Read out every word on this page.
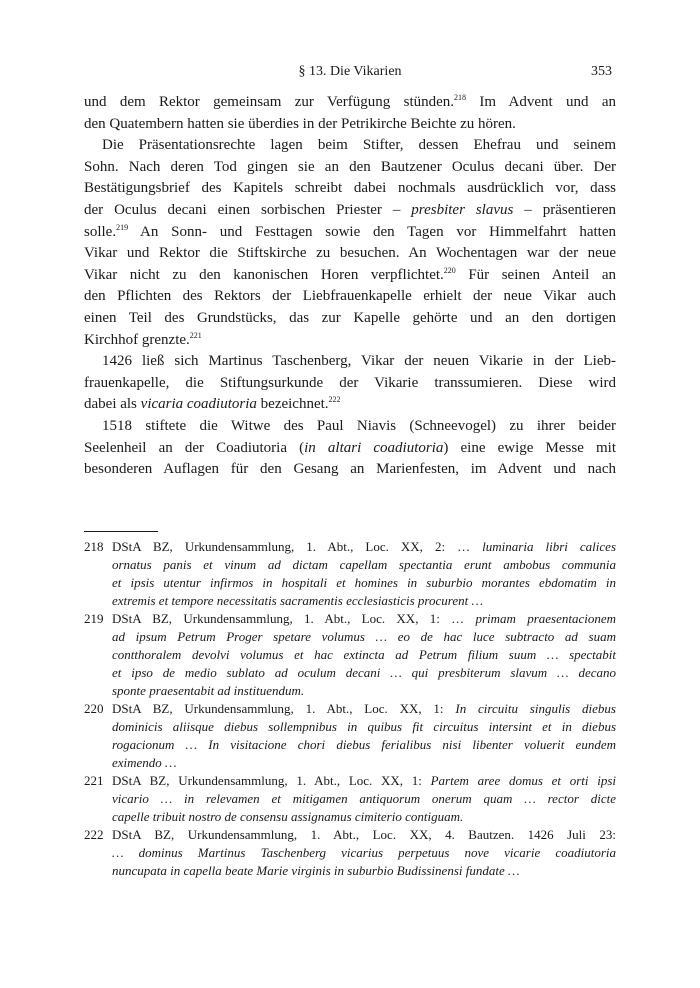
§ 13. Die Vikarien	353
und dem Rektor gemeinsam zur Verfügung stünden.$^{218}$ Im Advent und an
den Quatembern hatten sie überdies in der Petrikirche Beichte zu hören.
Die Präsentationsrechte lagen beim Stifter, dessen Ehefrau und seinem
Sohn. Nach deren Tod gingen sie an den Bautzener Oculus decani über. Der
Bestätigungsbrief des Kapitels schreibt dabei nochmals ausdrücklich vor, dass
der Oculus decani einen sorbischen Priester – presbiter slavus – präsentieren
solle.$^{219}$ An Sonn- und Festtagen sowie den Tagen vor Himmelfahrt hatten
Vikar und Rektor die Stiftskirche zu besuchen. An Wochentagen war der neue
Vikar nicht zu den kanonischen Horen verpflichtet.$^{220}$ Für seinen Anteil an
den Pflichten des Rektors der Liebfrauenkapelle erhielt der neue Vikar auch
einen Teil des Grundstücks, das zur Kapelle gehörte und an den dortigen
Kirchhof grenzte.$^{221}$
1426 ließ sich Martinus Taschenberg, Vikar der neuen Vikarie in der Lieb-
frauenkapelle, die Stiftungsurkunde der Vikarie transsumieren. Diese wird
dabei als vicaria coadiutoria bezeichnet.$^{222}$
1518 stiftete die Witwe des Paul Niavis (Schneevogel) zu ihrer beider
Seelenheil an der Coadiutoria (in altari coadiutoria) eine ewige Messe mit
besonderen Auflagen für den Gesang an Marienfesten, im Advent und nach
218 DStA BZ, Urkundensammlung, 1. Abt., Loc. XX, 2: … luminaria libri calices
ornatus panis et vinum ad dictam capellam spectantia erunt ambobus communia
et ipsis utentur infirmos in hospitali et homines in suburbio morantes ebdomatim in
extremis et tempore necessitatis sacramentis ecclesiasticis procurent …
219 DStA BZ, Urkundensammlung, 1. Abt., Loc. XX, 1: … primam praesentacionem
ad ipsum Petrum Proger spetare volumus … eo de hac luce subtracto ad suam
contthoralem devolvi volumus et hac extincta ad Petrum filium suum … spectabit
et ipso de medio sublato ad oculum decani … qui presbiterum slavum … decano
sponte praesentabit ad instituendum.
220 DStA BZ, Urkundensammlung, 1. Abt., Loc. XX, 1: In circuitu singulis diebus
dominicis aliisque diebus sollempnibus in quibus fit circuitus intersint et in diebus
rogacionum … In visitacione chori diebus ferialibus nisi libenter voluerit eundem
eximendo …
221 DStA BZ, Urkundensammlung, 1. Abt., Loc. XX, 1: Partem aree domus et orti ipsi
vicario … in relevamen et mitigamen antiquorum onerum quam … rector dicte
capelle tribuit nostro de consensu assignamus cimiterio contiguam.
222 DStA BZ, Urkundensammlung, 1. Abt., Loc. XX, 4. Bautzen. 1426 Juli 23:
… dominus Martinus Taschenberg vicarius perpetuus nove vicarie coadiutoria
nuncupata in capella beate Marie virginis in suburbio Budissinensi fundate …
